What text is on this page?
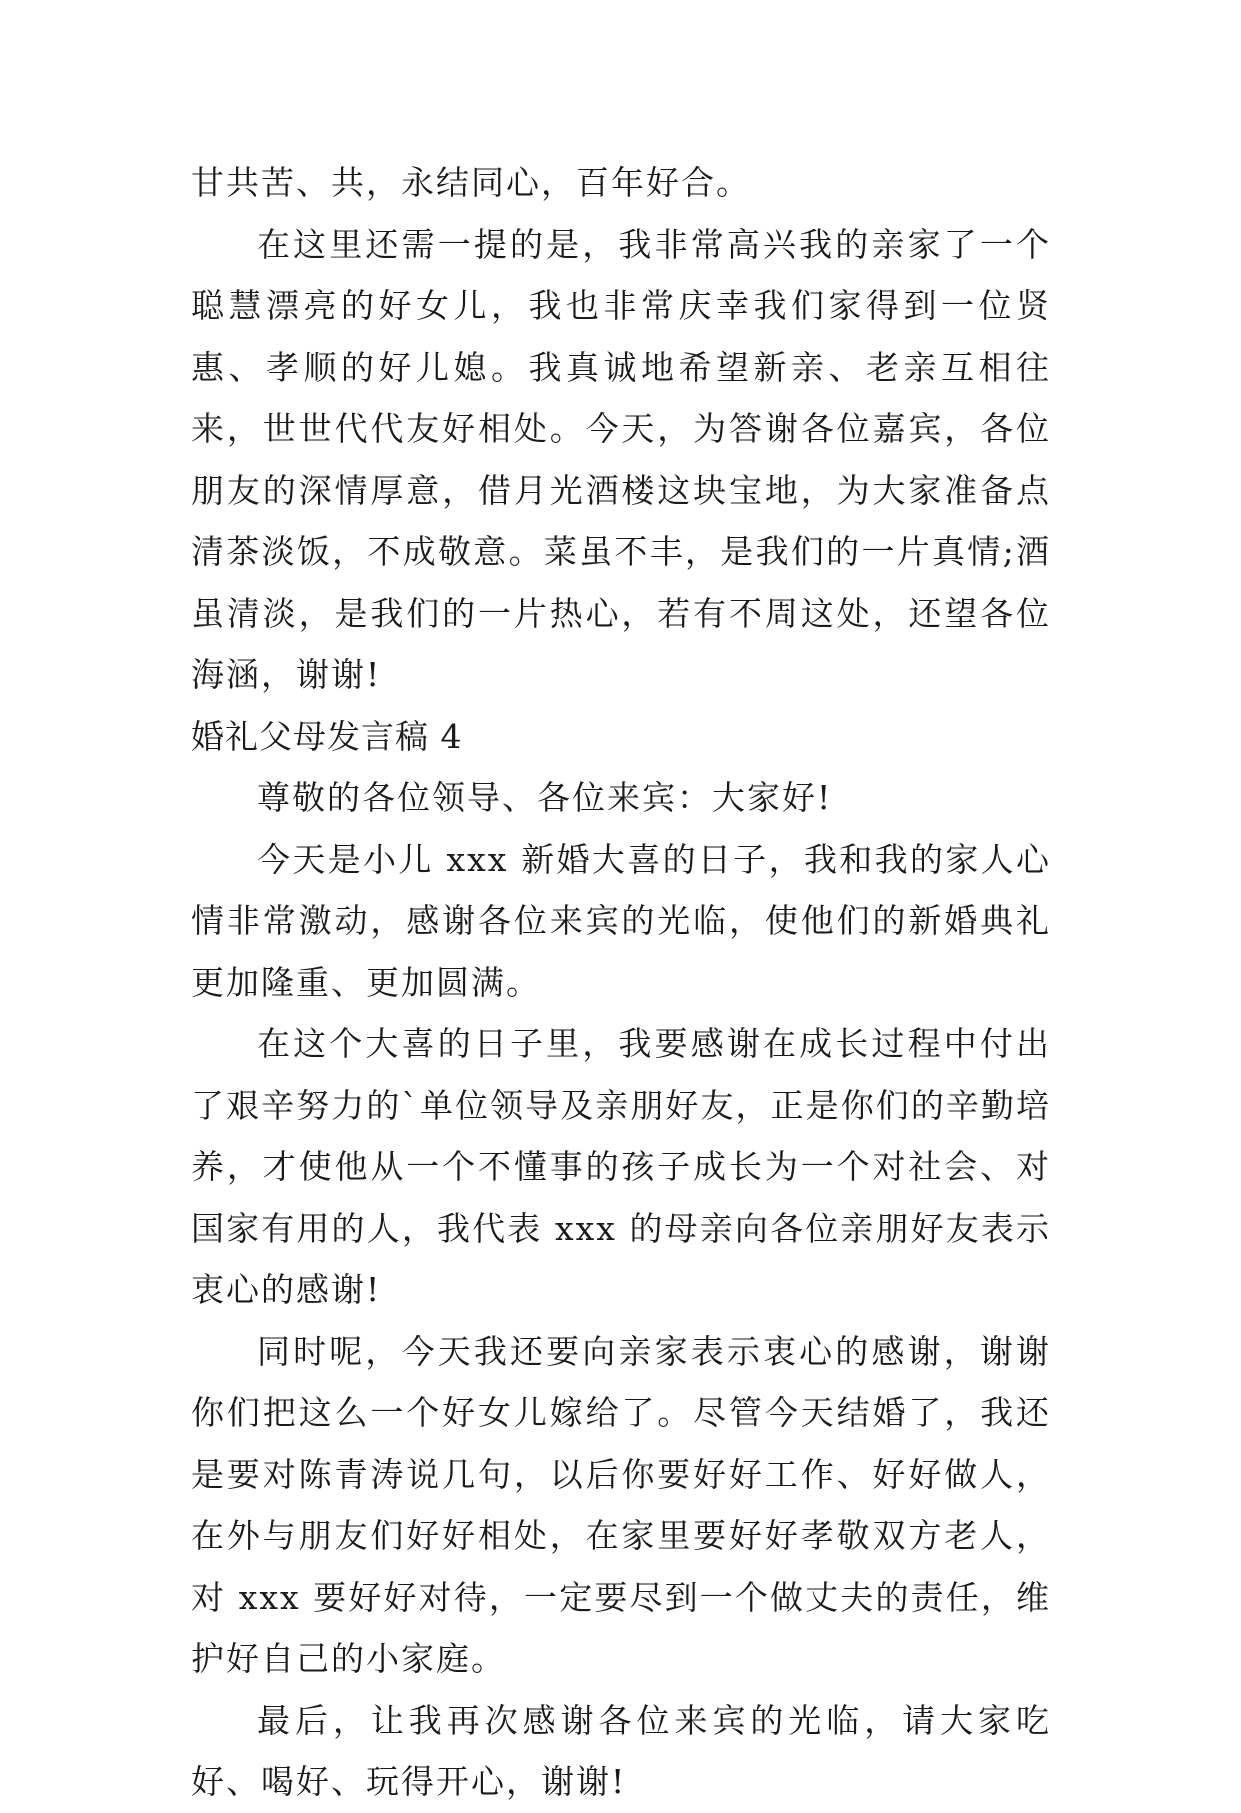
甘共苦、共，永结同心，百年好合。

在这里还需一提的是，我非常高兴我的亲家了一个聪慧漂亮的好女儿，我也非常庆幸我们家得到一位贤惠、孝顺的好儿媳。我真诚地希望新亲、老亲互相往来，世世代代友好相处。今天，为答谢各位嘉宾，各位朋友的深情厚意，借月光酒楼这块宝地，为大家准备点清茶淡饭，不成敬意。菜虽不丰，是我们的一片真情;酒虽清淡，是我们的一片热心，若有不周这处，还望各位海涵，谢谢!

婚礼父母发言稿 4

尊敬的各位领导、各位来宾：大家好!

今天是小儿 xxx 新婚大喜的日子，我和我的家人心情非常激动，感谢各位来宾的光临，使他们的新婚典礼更加隆重、更加圆满。

在这个大喜的日子里，我要感谢在成长过程中付出了艰辛努力的`单位领导及亲朋好友，正是你们的辛勤培养，才使他从一个不懂事的孩子成长为一个对社会、对国家有用的人，我代表 xxx 的母亲向各位亲朋好友表示衷心的感谢!

同时呢，今天我还要向亲家表示衷心的感谢，谢谢你们把这么一个好女儿嫁给了。尽管今天结婚了，我还是要对陈青涛说几句，以后你要好好工作、好好做人，在外与朋友们好好相处，在家里要好好孝敬双方老人，对 xxx 要好好对待，一定要尽到一个做丈夫的责任，维护好自己的小家庭。

最后，让我再次感谢各位来宾的光临，请大家吃好、喝好、玩得开心，谢谢!
